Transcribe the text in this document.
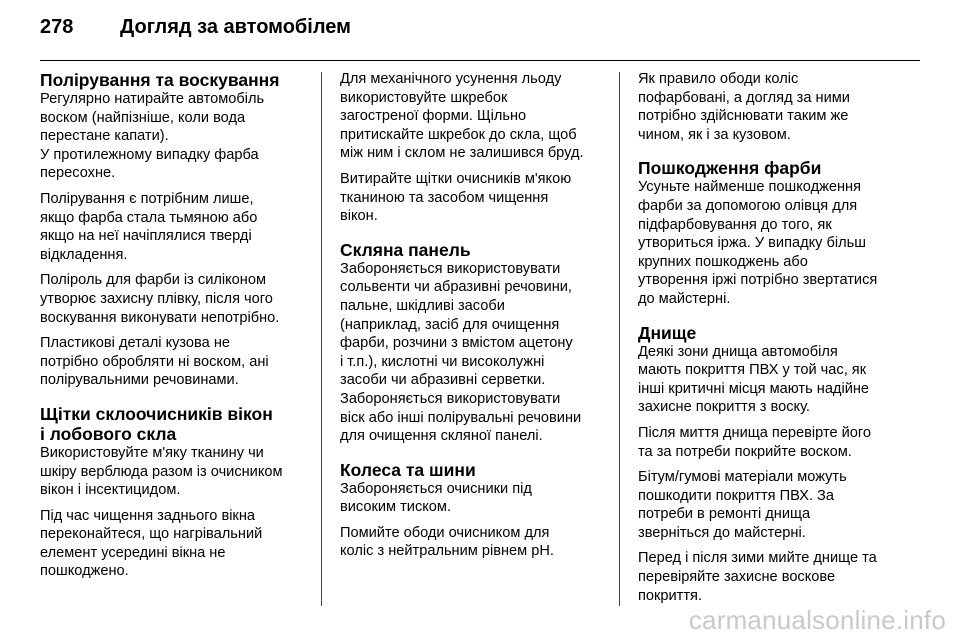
278	Догляд за автомобілем
Полірування та воскування

Регулярно натирайте автомобіль
воском (найпізніше, коли вода
перестане капати).
У протилежному випадку фарба
пересохне.

Полірування є потрібним лише,
якщо фарба стала тьмяною або
якщо на неї начіплялися тверді
відкладення.

Поліроль для фарби із силіконом
утворює захисну плівку, після чого
воскування виконувати непотрібно.

Пластикові деталі кузова не
потрібно обробляти ні воском, ані
полірувальними речовинами.

Щітки склоочисників вікон
і лобового скла

Використовуйте м'яку тканину чи
шкіру верблюда разом із очисником
вікон і інсектицидом.

Під час чищення заднього вікна
переконайтеся, що нагрівальний
елемент усередині вікна не
пошкоджено.

Для механічного усунення льоду
використовуйте шкребок
загостреної форми. Щільно
притискайте шкребок до скла, щоб
між ним і склом не залишився бруд.

Витирайте щітки очисників м'якою
тканиною та засобом чищення
вікон.

Скляна панель

Забороняється використовувати
сольвенти чи абразивні речовини,
пальне, шкідливі засоби
(наприклад, засіб для очищення
фарби, розчини з вмістом ацетону
і т.п.), кислотні чи високолужні
засоби чи абразивні серветки.
Забороняється використовувати
віск або інші полірувальні речовини
для очищення скляної панелі.

Колеса та шини

Забороняється очисники під
високим тиском.

Помийте ободи очисником для
коліс з нейтральним рівнем pH.

Як правило ободи коліс
пофарбовані, а догляд за ними
потрібно здійснювати таким же
чином, як і за кузовом.

Пошкодження фарби

Усуньте найменше пошкодження
фарби за допомогою олівця для
підфарбовування до того, як
утвориться іржа. У випадку більш
крупних пошкоджень або
утворення іржі потрібно звертатися
до майстерні.

Днище

Деякі зони днища автомобіля
мають покриття ПВХ у той час, як
інші критичні місця мають надійне
захисне покриття з воску.

Після миття днища перевірте його
та за потреби покрийте воском.

Бітум/гумові матеріали можуть
пошкодити покриття ПВХ. За
потреби в ремонті днища
зверніться до майстерні.

Перед і після зими мийте днище та
перевіряйте захисне воскове
покриття.

carmanualsonline.info
